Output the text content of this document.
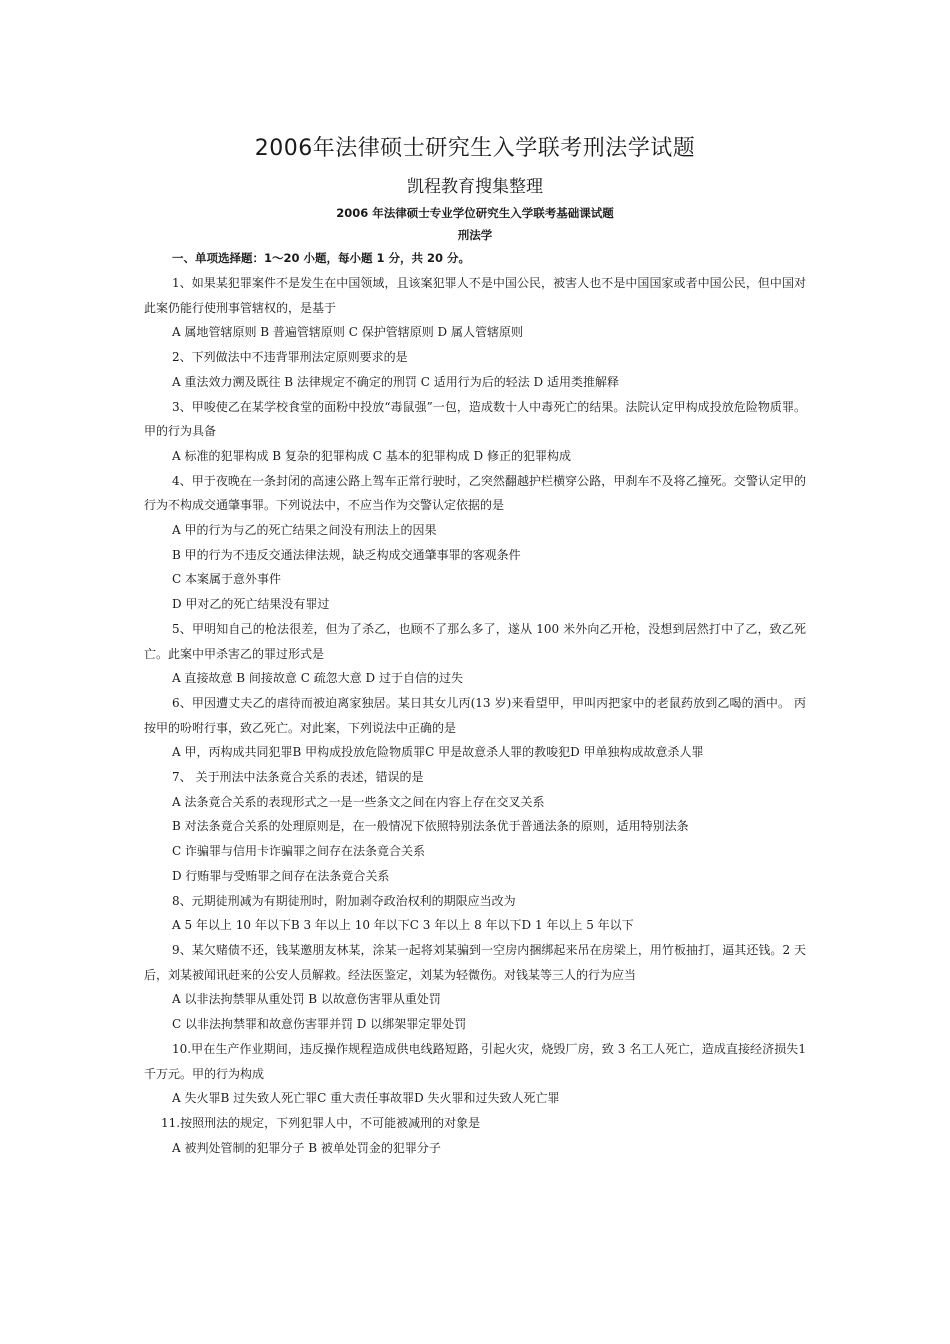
2006年法律硕士研究生入学联考刑法学试题
凯程教育搜集整理
2006 年法律硕士专业学位研究生入学联考基础课试题
刑法学
一、单项选择题：1～20 小题，每小题 1 分，共 20 分。

1、如果某犯罪案件不是发生在中国领域，且该案犯罪人不是中国公民，被害人也不是中国国家或者中国公民，但中国对此案仍能行使刑事管辖权的，是基于

A 属地管辖原则 B 普遍管辖原则 C 保护管辖原则 D 属人管辖原则

2、下列做法中不违背罪刑法定原则要求的是

A 重法效力溯及既往 B 法律规定不确定的刑罚 C 适用行为后的轻法 D 适用类推解释

3、甲唆使乙在某学校食堂的面粉中投放“毒鼠强”一包，造成数十人中毒死亡的结果。法院认定甲构成投放危险物质罪。甲的行为具备

A 标准的犯罪构成 B 复杂的犯罪构成 C 基本的犯罪构成 D 修正的犯罪构成

4、甲于夜晚在一条封闭的高速公路上驾车正常行驶时，乙突然翻越护栏横穿公路，甲刹车不及将乙撞死。交警认定甲的行为不构成交通肇事罪。下列说法中，不应当作为交警认定依据的是

A 甲的行为与乙的死亡结果之间没有刑法上的因果

B 甲的行为不违反交通法律法规，缺乏构成交通肇事罪的客观条件

C 本案属于意外事件

D 甲对乙的死亡结果没有罪过

5、甲明知自己的枪法很差，但为了杀乙，也顾不了那么多了，遂从 100 米外向乙开枪，没想到居然打中了乙，致乙死 亡。此案中甲杀害乙的罪过形式是

A 直接故意 B 间接故意 C 疏忽大意 D 过于自信的过失

6、甲因遭丈夫乙的虐待而被迫离家独居。某日其女儿丙(13 岁)来看望甲，甲叫丙把家中的老鼠药放到乙喝的酒中。 丙按甲的吩咐行事，致乙死亡。对此案，下列说法中正确的是

A 甲，丙构成共同犯罪B 甲构成投放危险物质罪C 甲是故意杀人罪的教唆犯D 甲单独构成故意杀人罪

7、 关于刑法中法条竟合关系的表述，错误的是

A 法条竟合关系的表现形式之一是一些条文之间在内容上存在交叉关系

B 对法条竟合关系的处理原则是，在一般情况下依照特别法条优于普通法条的原则，适用特别法条

C 诈骗罪与信用卡诈骗罪之间存在法条竟合关系

D 行贿罪与受贿罪之间存在法条竟合关系

8、元期徒刑减为有期徒刑时，附加剥夺政治权利的期限应当改为

A 5 年以上 10 年以下B 3 年以上 10 年以下C 3 年以上 8 年以下D 1 年以上 5 年以下

9、某欠赌债不还，钱某邀朋友林某，涂某一起将刘某骗到一空房内捆绑起来吊在房梁上，用竹板抽打，逼其还钱。2 天后，刘某被闻讯赶来的公安人员解救。经法医鉴定，刘某为轻微伤。对钱某等三人的行为应当

A 以非法拘禁罪从重处罚 B 以故意伤害罪从重处罚

C 以非法拘禁罪和故意伤害罪并罚 D 以绑架罪定罪处罚

10.甲在生产作业期间，违反操作规程造成供电线路短路，引起火灾，烧毁厂房，致 3 名工人死亡，造成直接经济损失1 千万元。甲的行为构成

A 失火罪B 过失致人死亡罪C 重大责任事故罪D 失火罪和过失致人死亡罪

11.按照刑法的规定，下列犯罪人中，不可能被减刑的对象是

A 被判处管制的犯罪分子 B 被单处罚金的犯罪分子
